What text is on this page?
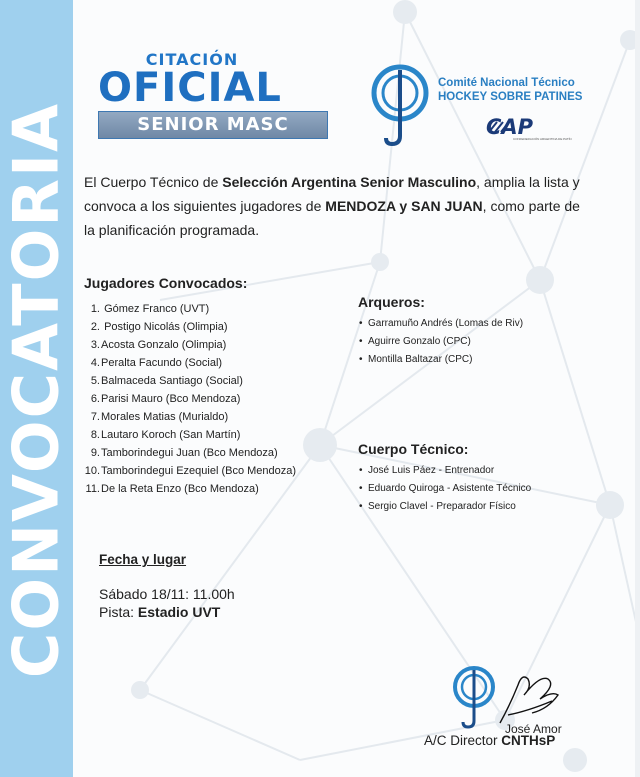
CONVOCATORIA
CITACIÓN
OFICIAL
SENIOR MASC
Comité Nacional Técnico
HOCKEY SOBRE PATINES
CAP
CONFEDERACIÓN ARGENTINA DE PATÍN
El Cuerpo Técnico de Selección Argentina Senior Masculino, amplia la lista y convoca a los siguientes jugadores de MENDOZA y SAN JUAN, como parte de la planificación programada.
Jugadores Convocados:
1. Gómez Franco (UVT)
2. Postigo Nicolás (Olimpia)
3.Acosta Gonzalo (Olimpia)
4.Peralta Facundo (Social)
5.Balmaceda Santiago (Social)
6.Parisi Mauro (Bco Mendoza)
7.Morales Matias (Murialdo)
8.Lautaro Koroch (San Martín)
9.Tamborindegui Juan (Bco Mendoza)
10.Tamborindegui Ezequiel (Bco Mendoza)
11.De la Reta Enzo (Bco Mendoza)
Arqueros:
• Garramuño Andrés (Lomas de Riv)
• Aguirre Gonzalo (CPC)
• Montilla Baltazar (CPC)
Cuerpo Técnico:
• José Luis Páez - Entrenador
• Eduardo Quiroga - Asistente Técnico
• Sergio Clavel - Preparador Físico
Fecha y lugar
Sábado 18/11: 11.00h
Pista: Estadio UVT
José Amor
A/C Director CNTHsP
